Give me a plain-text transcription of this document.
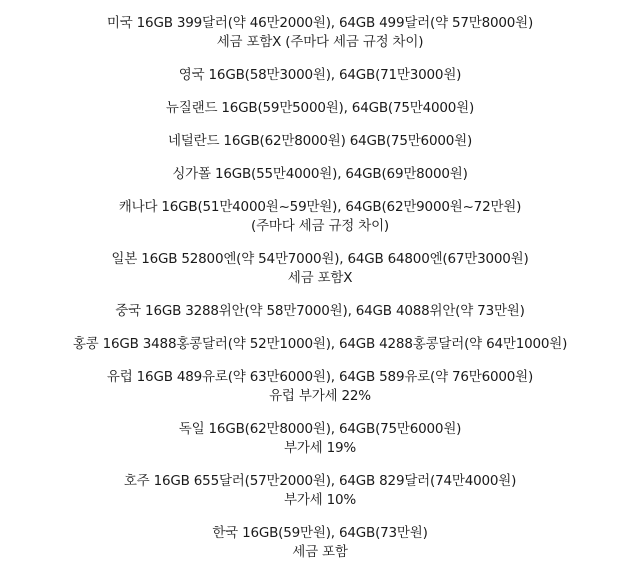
미국 16GB 399달러(약 46만2000원), 64GB 499달러(약 57만8000원)
세금 포함X (주마다 세금 규정 차이)
영국 16GB(58만3000원), 64GB(71만3000원)
뉴질랜드 16GB(59만5000원), 64GB(75만4000원)
네덜란드 16GB(62만8000원) 64GB(75만6000원)
싱가폴 16GB(55만4000원), 64GB(69만8000원)
캐나다 16GB(51만4000원~59만원), 64GB(62만9000원~72만원)
(주마다 세금 규정 차이)
일본 16GB 52800엔(약 54만7000원), 64GB 64800엔(67만3000원)
세금 포함X
중국 16GB 3288위안(약 58만7000원), 64GB 4088위안(약 73만원)
홍콩 16GB 3488홍콩달러(약 52만1000원), 64GB 4288홍콩달러(약 64만1000원)
유럽 16GB 489유로(약 63만6000원), 64GB 589유로(약 76만6000원)
유럽 부가세 22%
독일 16GB(62만8000원), 64GB(75만6000원)
부가세 19%
호주 16GB 655달러(57만2000원), 64GB 829달러(74만4000원)
부가세 10%
한국 16GB(59만원), 64GB(73만원)
세금 포함
